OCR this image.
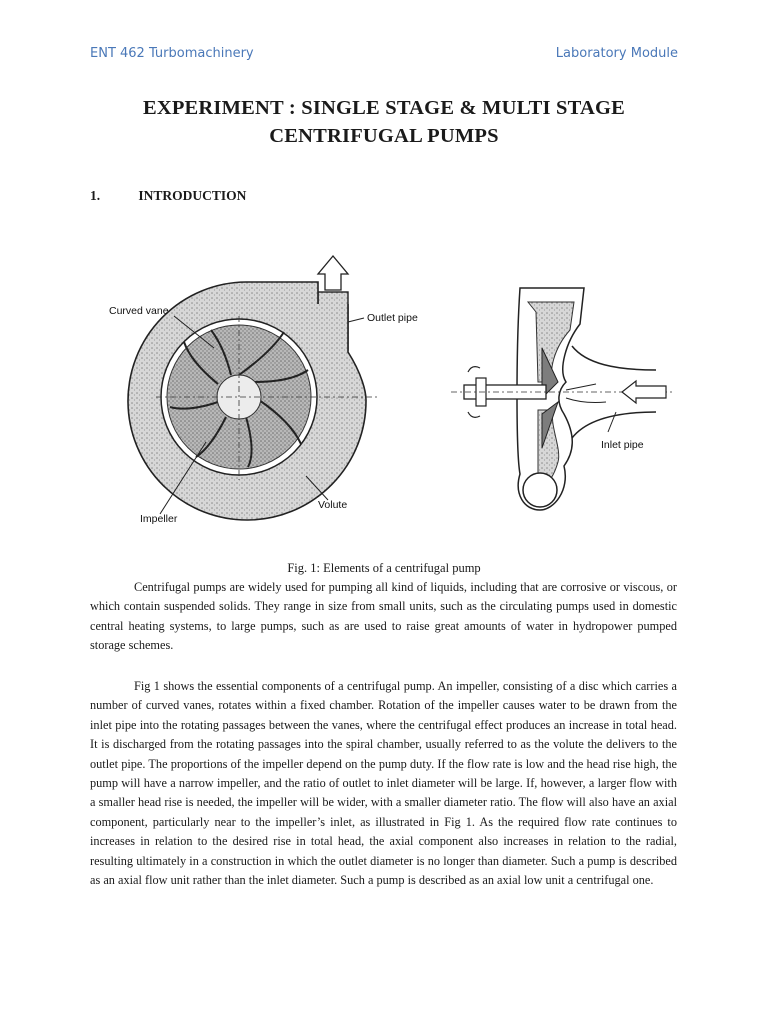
ENT 462 Turbomachinery	Laboratory Module
EXPERIMENT : SINGLE STAGE & MULTI STAGE
CENTRIFUGAL PUMPS
1.	INTRODUCTION
Curved vane
Outlet pipe
Impeller
Volute
Inlet pipe
Fig. 1: Elements of a centrifugal pump
Centrifugal pumps are widely used for pumping all kind of liquids, including that are corrosive or viscous, or which contain suspended solids. They range in size from small units, such as the circulating pumps used in domestic central heating systems, to large pumps, such as are used to raise great amounts of water in hydropower pumped storage schemes.
Fig 1 shows the essential components of a centrifugal pump. An impeller, consisting of a disc which carries a number of curved vanes, rotates within a fixed chamber. Rotation of the impeller causes water to be drawn from the inlet pipe into the rotating passages between the vanes, where the centrifugal effect produces an increase in total head. It is discharged from the rotating passages into the spiral chamber, usually referred to as the volute the delivers to the outlet pipe. The proportions of the impeller depend on the pump duty. If the flow rate is low and the head rise high, the pump will have a narrow impeller, and the ratio of outlet to inlet diameter will be large. If, however, a larger flow with a smaller head rise is needed, the impeller will be wider, with a smaller diameter ratio. The flow will also have an axial component, particularly near to the impeller’s inlet, as illustrated in Fig 1. As the required flow rate continues to increases in relation to the desired rise in total head, the axial component also increases in relation to the radial, resulting ultimately in a construction in which the outlet diameter is no longer than diameter. Such a pump is described as an axial flow unit rather than the inlet diameter. Such a pump is described as an axial low unit a centrifugal one.
